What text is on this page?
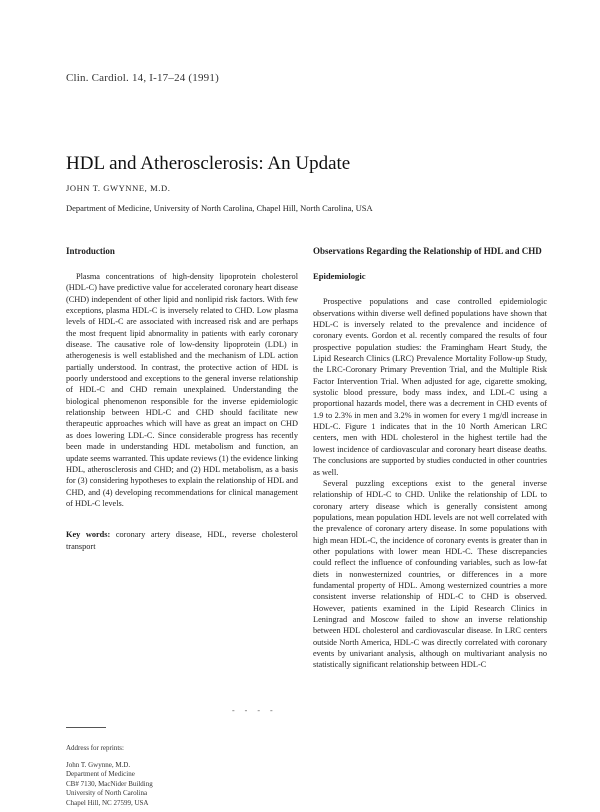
Clin. Cardiol. 14, I-17–24 (1991)
HDL and Atherosclerosis: An Update
JOHN T. GWYNNE, M.D.
Department of Medicine, University of North Carolina, Chapel Hill, North Carolina, USA
Introduction

Plasma concentrations of high-density lipoprotein cholesterol (HDL-C) have predictive value for accelerated coronary heart disease (CHD) independent of other lipid and nonlipid risk factors. With few exceptions, plasma HDL-C is inversely related to CHD. Low plasma levels of HDL-C are associated with increased risk and are perhaps the most frequent lipid abnormality in patients with early coronary disease. The causative role of low-density lipoprotein (LDL) in atherogenesis is well established and the mechanism of LDL action partially understood. In contrast, the protective action of HDL is poorly understood and exceptions to the general inverse relationship of HDL-C and CHD remain unexplained. Understanding the biological phenomenon responsible for the inverse epidemiologic relationship between HDL-C and CHD should facilitate new therapeutic approaches which will have as great an impact on CHD as does lowering LDL-C. Since considerable progress has recently been made in understanding HDL metabolism and function, an update seems warranted. This update reviews (1) the evidence linking HDL, atherosclerosis and CHD; and (2) HDL metabolism, as a basis for (3) considering hypotheses to explain the relationship of HDL and CHD, and (4) developing recommendations for clinical management of HDL-C levels.

Key words: coronary artery disease, HDL, reverse cholesterol transport

Observations Regarding the Relationship of HDL and CHD
Epidemiologic

Prospective populations and case controlled epidemiologic observations within diverse well defined populations have shown that HDL-C is inversely related to the prevalence and incidence of coronary events. Gordon et al. recently compared the results of four prospective population studies: the Framingham Heart Study, the Lipid Research Clinics (LRC) Prevalence Mortality Follow-up Study, the LRC-Coronary Primary Prevention Trial, and the Multiple Risk Factor Intervention Trial. When adjusted for age, cigarette smoking, systolic blood pressure, body mass index, and LDL-C using a proportional hazards model, there was a decrement in CHD events of 1.9 to 2.3% in men and 3.2% in women for every 1 mg/dl increase in HDL-C. Figure 1 indicates that in the 10 North American LRC centers, men with HDL cholesterol in the highest tertile had the lowest incidence of cardiovascular and coronary heart disease deaths. The conclusions are supported by studies conducted in other countries as well.

Several puzzling exceptions exist to the general inverse relationship of HDL-C to CHD. Unlike the relationship of LDL to coronary artery disease which is generally consistent among populations, mean population HDL levels are not well correlated with the prevalence of coronary artery disease. In some populations with high mean HDL-C, the incidence of coronary events is greater than in other populations with lower mean HDL-C. These discrepancies could reflect the influence of confounding variables, such as low-fat diets in nonwesternized countries, or differences in a more fundamental property of HDL. Among westernized countries a more consistent inverse relationship of HDL-C to CHD is observed. However, patients examined in the Lipid Research Clinics in Leningrad and Moscow failed to show an inverse relationship between HDL cholesterol and cardiovascular disease. In LRC centers outside North America, HDL-C was directly correlated with coronary events by univariant analysis, although on multivariant analysis no statistically significant relationship between HDL-C

- - - -
Address for reprints:
John T. Gwynne, M.D.
Department of Medicine
CB# 7130, MacNider Building
University of North Carolina
Chapel Hill, NC 27599, USA
